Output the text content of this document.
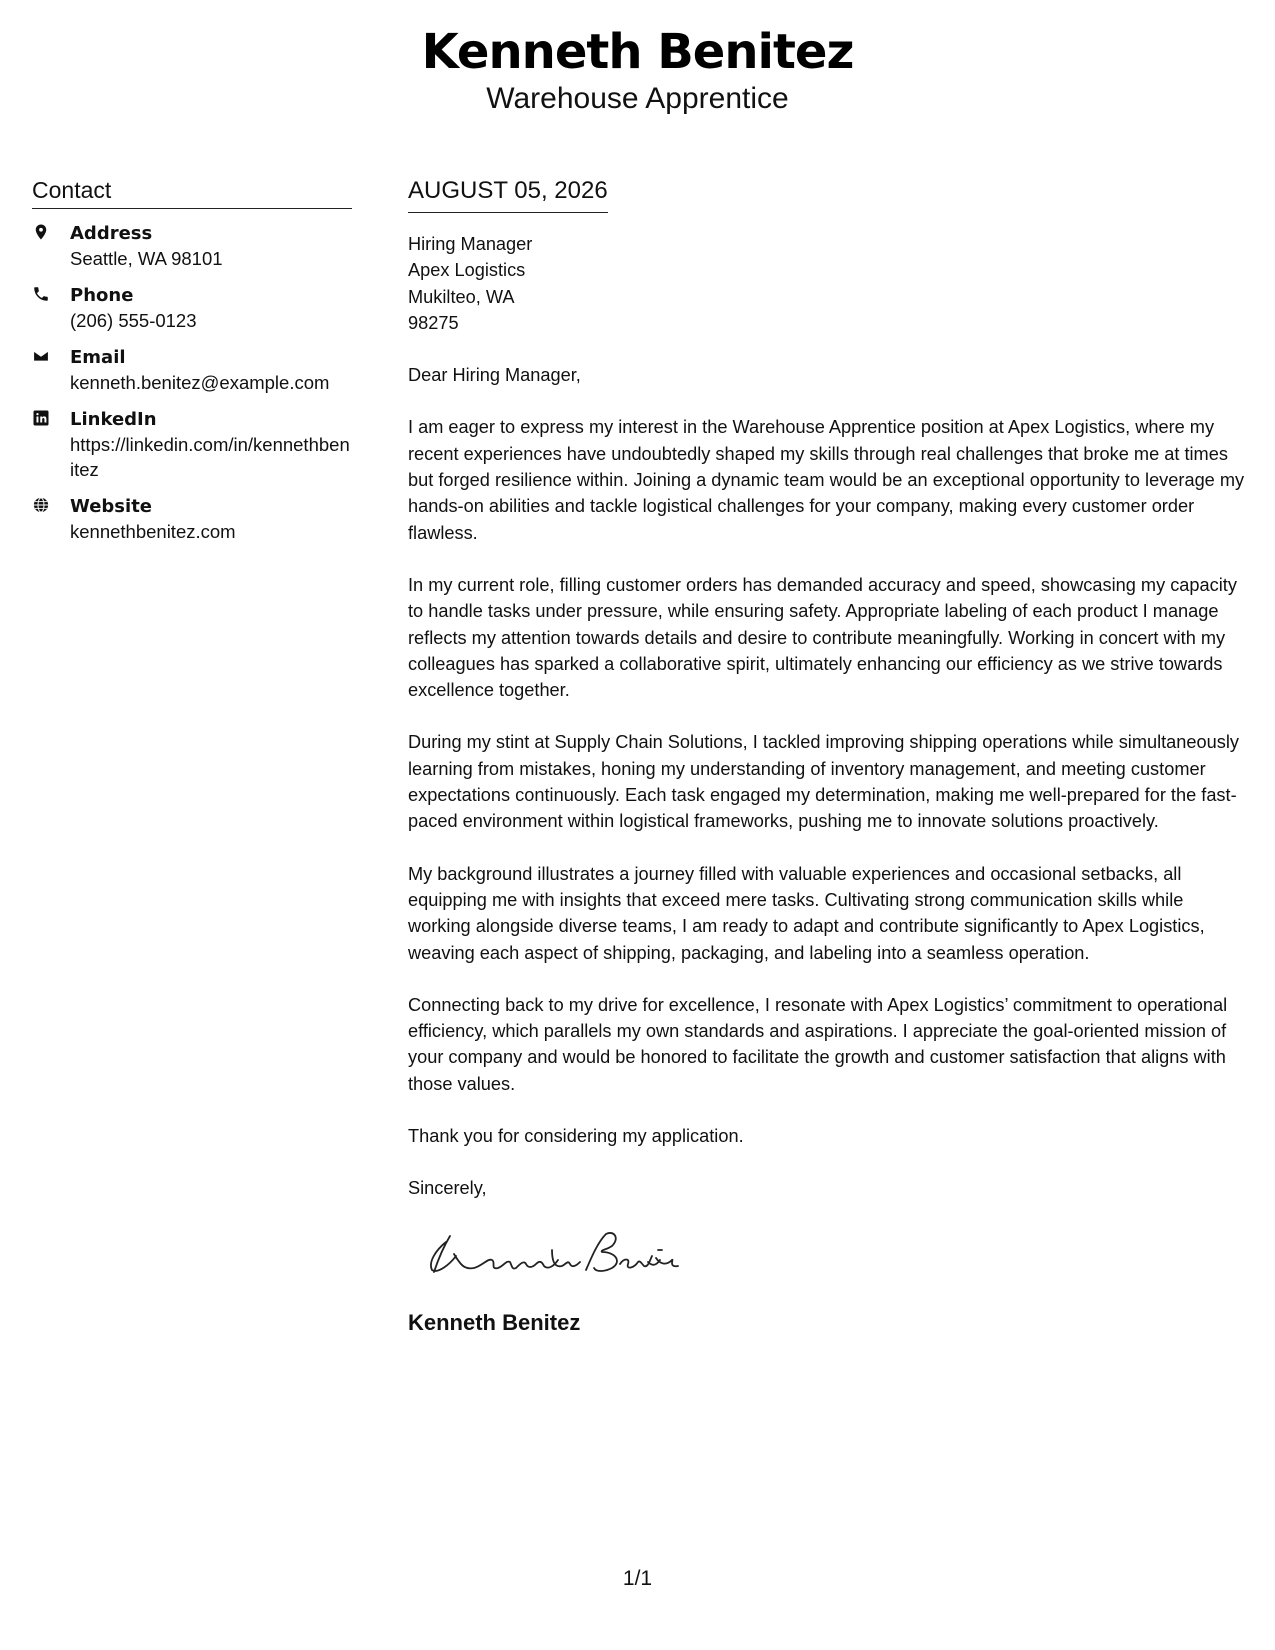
Kenneth Benitez
Warehouse Apprentice
Contact
Address
Seattle, WA 98101
Phone
(206) 555-0123
Email
kenneth.benitez@example.com
LinkedIn
https://linkedin.com/in/kennethbenitez
Website
kennethbenitez.com
AUGUST 05, 2026
Hiring Manager
Apex Logistics
Mukilteo, WA
98275
Dear Hiring Manager,
I am eager to express my interest in the Warehouse Apprentice position at Apex Logistics, where my recent experiences have undoubtedly shaped my skills through real challenges that broke me at times but forged resilience within. Joining a dynamic team would be an exceptional opportunity to leverage my hands-on abilities and tackle logistical challenges for your company, making every customer order flawless.
In my current role, filling customer orders has demanded accuracy and speed, showcasing my capacity to handle tasks under pressure, while ensuring safety. Appropriate labeling of each product I manage reflects my attention towards details and desire to contribute meaningfully. Working in concert with my colleagues has sparked a collaborative spirit, ultimately enhancing our efficiency as we strive towards excellence together.
During my stint at Supply Chain Solutions, I tackled improving shipping operations while simultaneously learning from mistakes, honing my understanding of inventory management, and meeting customer expectations continuously. Each task engaged my determination, making me well-prepared for the fast-paced environment within logistical frameworks, pushing me to innovate solutions proactively.
My background illustrates a journey filled with valuable experiences and occasional setbacks, all equipping me with insights that exceed mere tasks. Cultivating strong communication skills while working alongside diverse teams, I am ready to adapt and contribute significantly to Apex Logistics, weaving each aspect of shipping, packaging, and labeling into a seamless operation.
Connecting back to my drive for excellence, I resonate with Apex Logistics’ commitment to operational efficiency, which parallels my own standards and aspirations. I appreciate the goal-oriented mission of your company and would be honored to facilitate the growth and customer satisfaction that aligns with those values.
Thank you for considering my application.
Sincerely,
Kenneth Benitez
1/1
